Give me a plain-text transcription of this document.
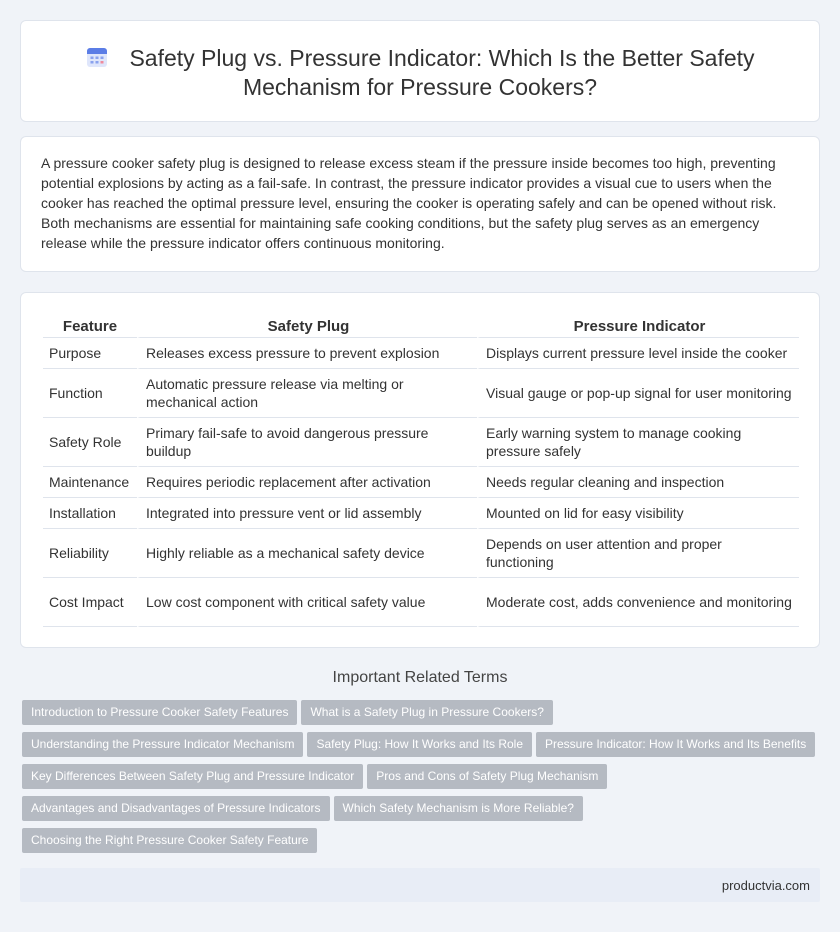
Safety Plug vs. Pressure Indicator: Which Is the Better Safety Mechanism for Pressure Cookers?

A pressure cooker safety plug is designed to release excess steam if the pressure inside becomes too high, preventing potential explosions by acting as a fail-safe. In contrast, the pressure indicator provides a visual cue to users when the cooker has reached the optimal pressure level, ensuring the cooker is operating safely and can be opened without risk. Both mechanisms are essential for maintaining safe cooking conditions, but the safety plug serves as an emergency release while the pressure indicator offers continuous monitoring.

Feature	Safety Plug	Pressure Indicator
Purpose	Releases excess pressure to prevent explosion	Displays current pressure level inside the cooker
Function	Automatic pressure release via melting or mechanical action	Visual gauge or pop-up signal for user monitoring
Safety Role	Primary fail-safe to avoid dangerous pressure buildup	Early warning system to manage cooking pressure safely
Maintenance	Requires periodic replacement after activation	Needs regular cleaning and inspection
Installation	Integrated into pressure vent or lid assembly	Mounted on lid for easy visibility
Reliability	Highly reliable as a mechanical safety device	Depends on user attention and proper functioning
Cost Impact	Low cost component with critical safety value	Moderate cost, adds convenience and monitoring
Important Related Terms
Introduction to Pressure Cooker Safety Features What is a Safety Plug in Pressure Cookers?
Understanding the Pressure Indicator Mechanism Safety Plug: How It Works and Its Role Pressure Indicator: How It Works and Its Benefits
Key Differences Between Safety Plug and Pressure Indicator Pros and Cons of Safety Plug Mechanism
Advantages and Disadvantages of Pressure Indicators Which Safety Mechanism is More Reliable?
Choosing the Right Pressure Cooker Safety Feature
productvia.com
